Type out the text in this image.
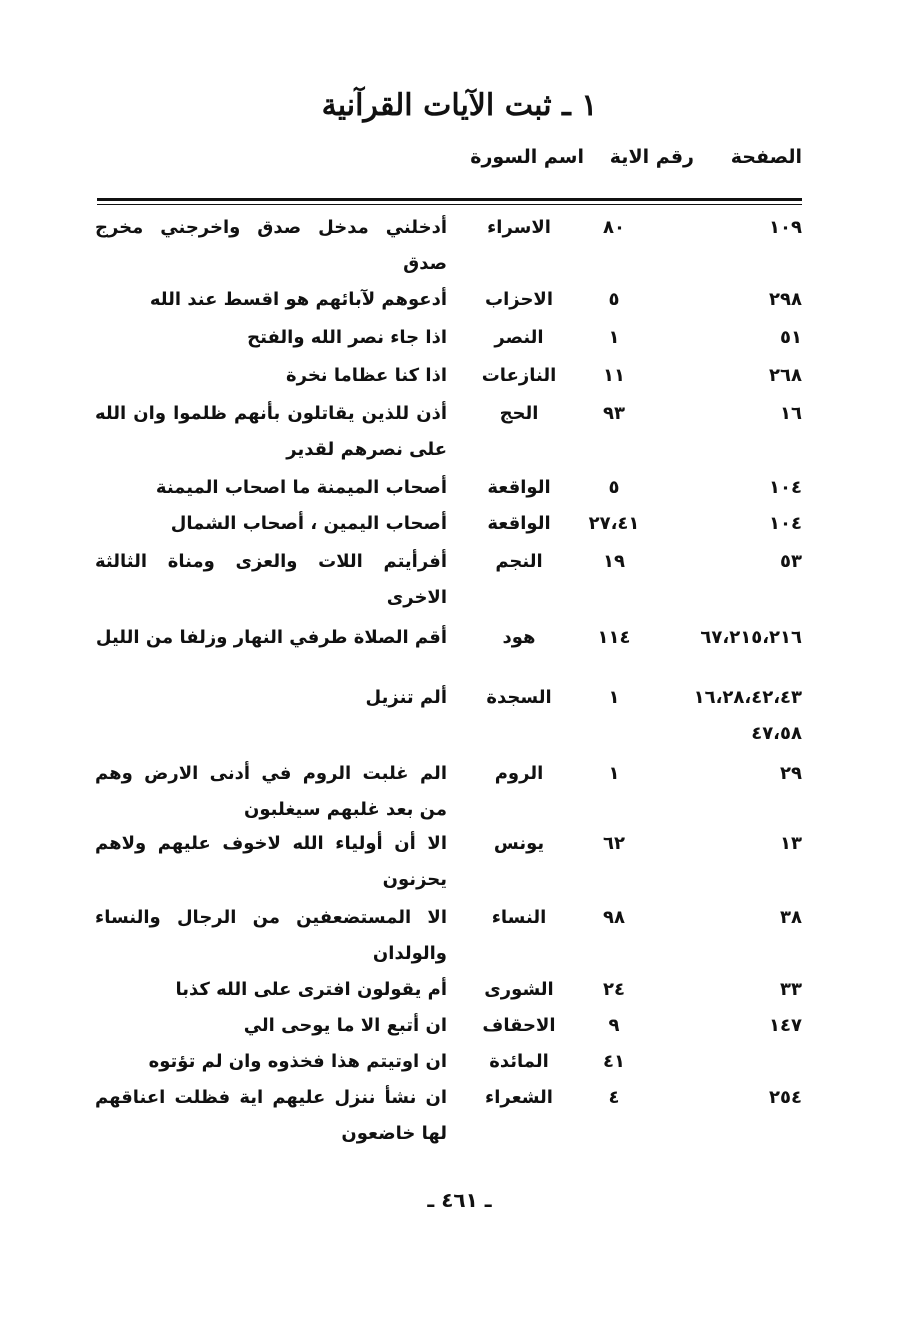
١ ـ ثبت الآيات القرآنية
الصفحة
رقم الاية
اسم السورة
١٠٩
٨٠
الاسراء
أدخلني مدخل صدق واخرجني مخرج صدق
٢٩٨
٥
الاحزاب
أدعوهم لآبائهم هو اقسط عند الله
٥١
١
النصر
اذا جاء نصر الله والفتح
٢٦٨
١١
النازعات
اذا كنا عظاما نخرة
١٦
٩٣
الحج
أذن للذين يقاتلون بأنهم ظلموا وان الله على نصرهم لقدير
١٠٤
٥
الواقعة
أصحاب الميمنة ما اصحاب الميمنة
١٠٤
٢٧،٤١
الواقعة
أصحاب اليمين ، أصحاب الشمال
٥٣
١٩
النجم
أفرأيتم اللات والعزى ومناة الثالثة الاخرى
٦٧،٢١٥،٢١٦
١١٤
هود
أقم الصلاة طرفي النهار وزلفا من الليل
١٦،٢٨،٤٢،٤٣ ٤٧،٥٨
١
السجدة
ألم تنزيل
٢٩
١
الروم
الم غلبت الروم في أدنى الارض وهم من بعد غلبهم سيغلبون
١٣
٦٢
يونس
الا أن أولياء الله لاخوف عليهم ولاهم يحزنون
٣٨
٩٨
النساء
الا المستضعفين من الرجال والنساء والولدان
٣٣
٢٤
الشورى
أم يقولون افترى على الله كذبا
١٤٧
٩
الاحقاف
ان أتبع الا ما يوحى الي
٤١
المائدة
ان اوتيتم هذا فخذوه وان لم تؤتوه
٢٥٤
٤
الشعراء
ان نشأ ننزل عليهم اية فظلت اعناقهم لها خاضعون
ـ ٤٦١ ـ
